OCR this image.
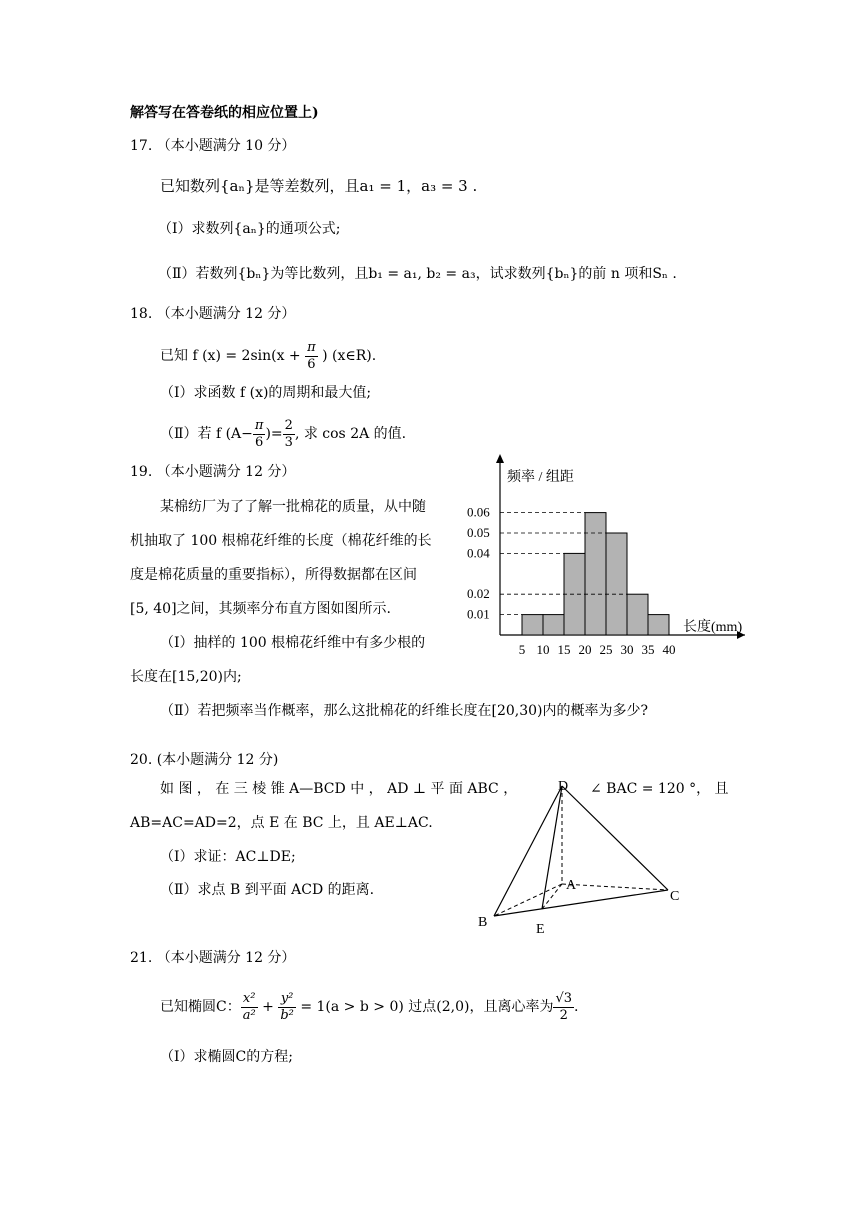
解答写在答卷纸的相应位置上)
17. （本小题满分 10 分）
已知数列{aₙ}是等差数列，且a₁ = 1，a₃ = 3 .
（Ⅰ）求数列{aₙ}的通项公式;
（Ⅱ）若数列{bₙ}为等比数列，且b₁ = a₁, b₂ = a₃，试求数列{bₙ}的前 n 项和Sₙ .
18. （本小题满分 12 分）
已知 f $(x) = 2\sin(x + \frac{\pi}{6}$ ) (x∈R).
（Ⅰ）求函数 f (x)的周期和最大值;
（Ⅱ）若 f ($A- \frac{\pi}{6}$ )= $\frac{2}{3}$ , 求 cos 2A 的值.
19. （本小题满分 12 分）
某棉纺厂为了了解一批棉花的质量，从中随
机抽取了 100 根棉花纤维的长度（棉花纤维的长
度是棉花质量的重要指标），所得数据都在区间
[5, 40]之间，其频率分布直方图如图所示.
（Ⅰ）抽样的 100 根棉花纤维中有多少根的
长度在[15,20)内;
（Ⅱ）若把频率当作概率，那么这批棉花的纤维长度在[20,30)内的概率为多少?
0.01
0.02
0.04
0.05
0.06
5 10 15 20 25 30 35 40
频率 / 组距
长度(mm)
20. (本小题满分 12 分)
如 图 ， 在 三 棱 锥 A—BCD 中 ， AD ⊥ 平 面 ABC ，	∠ BAC = 120 °， 且
AB=AC=AD=2，点 E 在 BC 上，且 AE⊥AC.
（Ⅰ）求证：AC⊥DE;
（Ⅱ）求点 B 到平面 ACD 的距离.
D
A
B
C
E
21. （本小题满分 12 分）
已知椭圆C： $\frac{\text{x²}}{\text{a²}} + \frac{\text{y²}}{\text{b²}} = 1(a > b > 0)$ 过点(2,0)，且离心率为 $\frac{√3}{2}$ .
（Ⅰ）求椭圆C的方程;
